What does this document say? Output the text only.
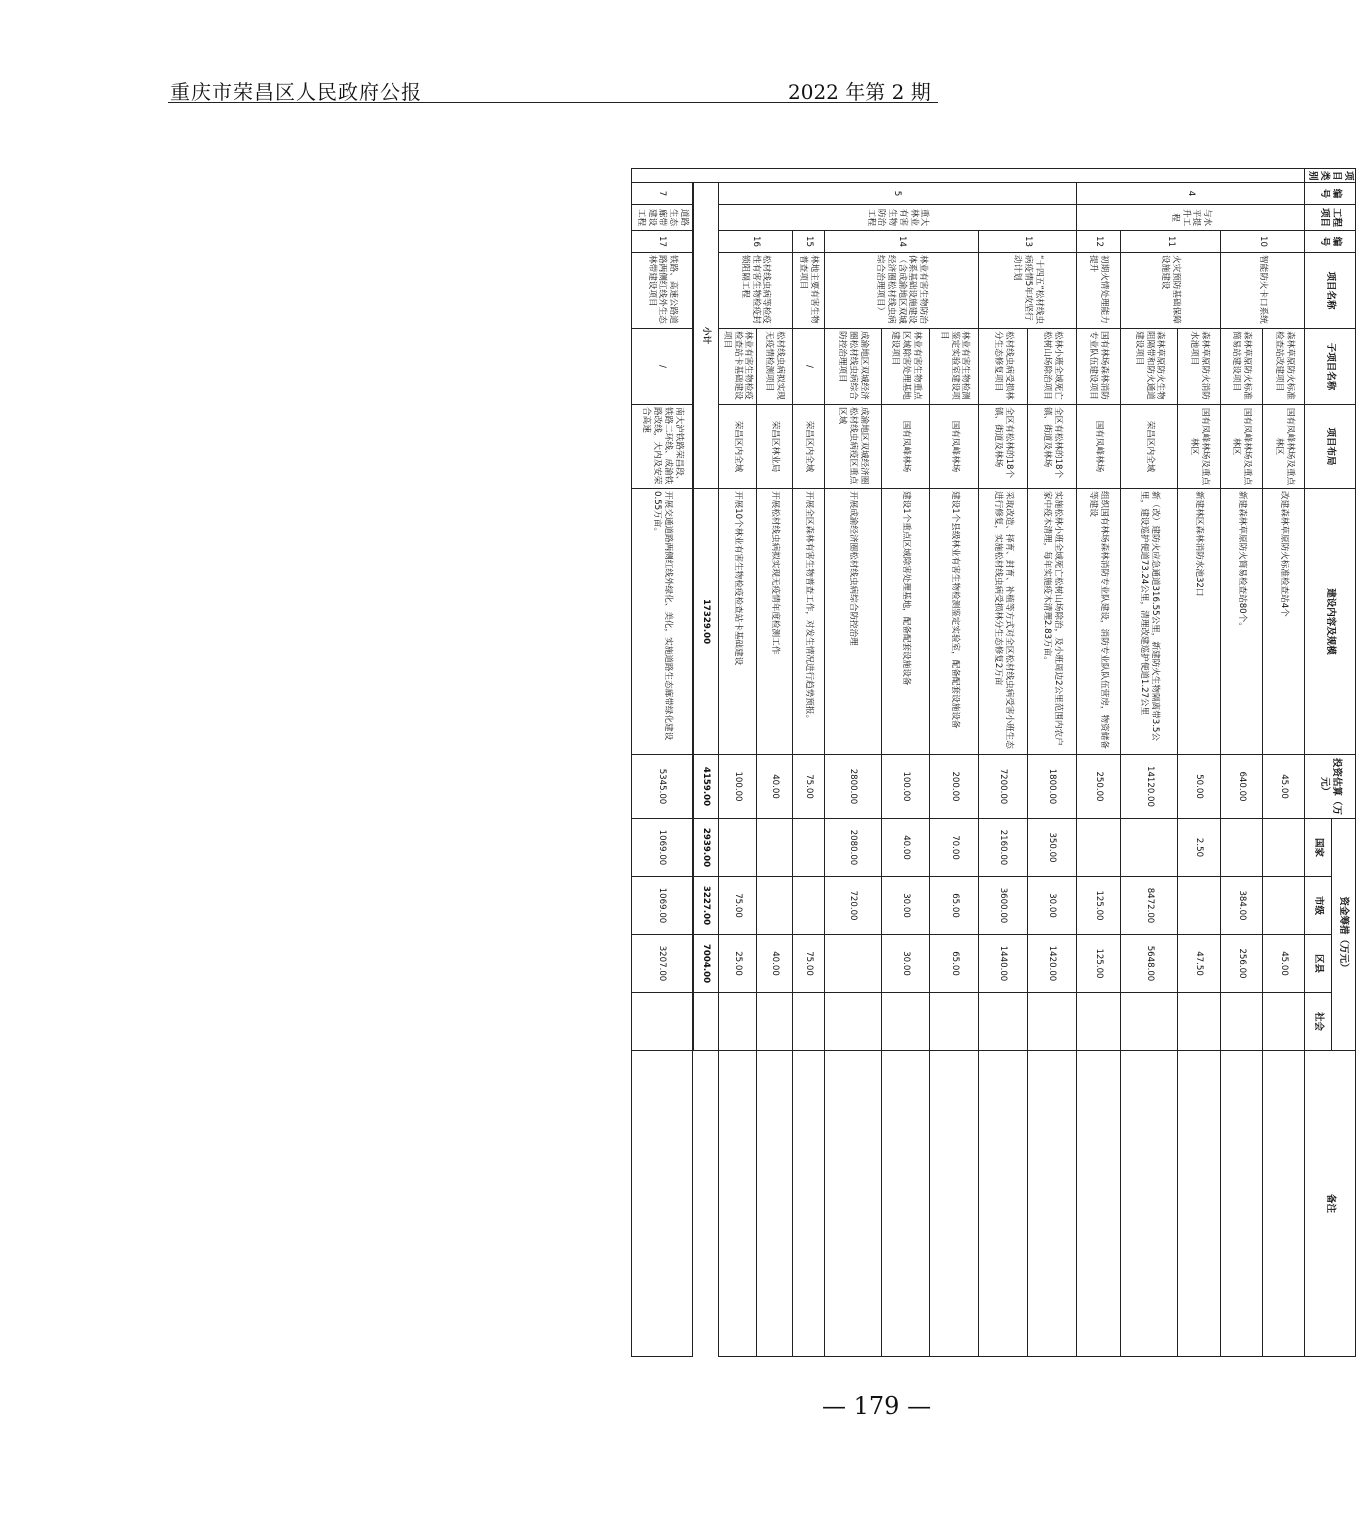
重庆市荣昌区人民政府公报	2022 年第 2 期
项目类别	编号	工程项目	编号	项目名称	子项目名称	项目布局	建设内容及规模	投资估算（万元）	资金筹措（万元）				备注
									国家	市级	区县	社会	
	4	与水平提升工程	10	智能防火卡口系统	森林草原防火标准检查站改建项目	国有凤峰林场及重点林区	改建森林草原防火标准检查站4个	45.00			45.00		
					森林草原防火标准简易站建设项目	国有凤峰林场及重点林区	新建森林草原防火简易检查站80个。	640.00		384.00	256.00		
			11	火灾预防基础保障设施建设	森林草原防火消防水池项目	国有凤峰林场及重点林区	新建林区森林消防水池32口	50.00	2.50		47.50		
					森林草原防火生物阻隔带和防火通道建设项目	荣昌区内全域	新（改）建防火应急通道316.55公里，新建防火生物隔离带3.5公里，建设巡护便道73.24公里，清理改建巡护便道1.27公里	14120.00		8472.00	5648.00		
			12	初期火情处理能力提升	国有林场森林消防专业队伍建设项目	国有凤峰林场	组织国有林场森林消防专业队建设，消防专业队队伍营房，物资储备等建设	250.00		125.00	125.00		
	5	重大林业有害生物防治工程	13	“十四五”松材线虫病疫情5年攻坚行动计划	松林小班全域死亡松树山场除治项目	全区有松林的18个镇、街道及林场	实施松林小班全域死亡松树山场除治，及小班周边2公里范围内农户家中疫木清理，每年实施疫木清理2.83万亩。	1800.00	350.00	30.00	1420.00		
					松材线虫病受损林分生态修复项目	全区有松林的18个镇、街道及林场	采取改造、择育、封育、补植等方式对全区松材线虫病受害小班生态进行修复，实施松材线虫病受损林分生态修复2万亩	7200.00	2160.00	3600.00	1440.00		
			14	林业有害生物防治体系基础设施建设（含成渝地区双城经济圈松材线虫病综合治理项目）	林业有害生物检测鉴定实验室建设项目	国有凤峰林场	建设1个县级林业有害生物检测鉴定实验室，配备配套设施设备	200.00	70.00	65.00	65.00		
					林业有害生物重点区域除害处理基地建设项目	国有凤峰林场	建设1个重点区域除害处理基地，配备配套设施设备	100.00	40.00	30.00	30.00		
					成渝地区双城经济圈松材线虫病综合防控治理项目	成渝地区双城经济圈松材线虫病疫区重点区域	开展成渝经济圈松材线虫病综合防控治理	2800.00	2080.00	720.00			
			15	林地主要有害生物普查项目	/	荣昌区内全域	开展全区森林有害生物普查工作，对发生情况进行趋势预报。	75.00			75.00		
			16	松材线虫病等检疫性有害生物检疫封锁阻隔工程	松材线虫病拟实现无疫情检测项目	荣昌区林业局	开展松材线虫病拟实现无疫情年度检测工作	40.00			40.00		
					林业有害生物检疫检查站卡基础建设项目	荣昌区内全域	开展10个林业有害生物检疫检查站卡基础建设	100.00		75.00	25.00		
	小计						17329.00	4159.00	2939.00	3227.00	7004.00		
	7	道路生态廊带建设工程	17	铁路、高速公路道路两侧红线外生态林带建设项目	/	南大泸铁路荣昌段、铁路二环线、成渝铁路改线，大内及安荣合高速	开展交通道路两侧红线外绿化、美化，实施道路生态廊带绿化建设0.55万亩。	5345.00	1069.00	1069.00	3207.00		
— 179 —
